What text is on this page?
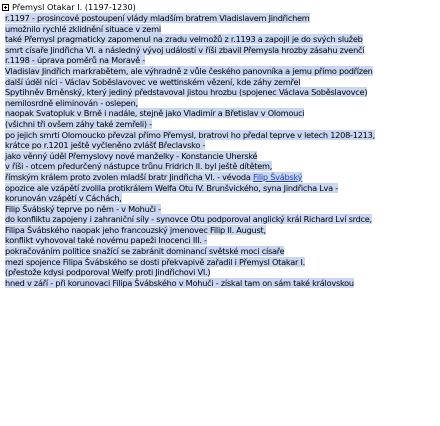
Přemysl Otakar I. (1197-1230)
r.1197 - prosincové postoupení vlády mladším bratrem Vladislavem Jindřichem
umožnilo rychlé zklidnění situace v zemi
také Přemysl pragmaticky zapomenul na zradu velmožů z r.1193 a zapojil je do svých služeb
smrt císaře Jindřicha VI. a následný vývoj událostí v říši zbavil Přemysla hrozby zásahu zvenčí
r.1198 - úprava poměrů na Moravě -
Vladislav Jindřich markrabětem, ale výhradně z vůle českého panovníka a jemu přímo podřízen
další úděl níci - Václav Soběslavovec ve wettinském vězení, kde záhy zemřel
Spytihněv Brněnský, který jediný představoval jistou hrozbu (spojenec Václava Soběslavovce)
nemilosrdně eliminován - oslepen,
naopak Svatopluk v Brně i nadále, stejně jako Vladimír a Břetislav v Olomouci
(všichni tři ovšem záhy také zemřeli) -
po jejich smrti Olomoucko převzal přímo Přemysl, bratrovi ho předal teprve v letech 1208-1213,
krátce po r.1201 ještě vyčleněno zvlášť Břeclavsko -
jako věnný úděl Přemyslovy nové manželky - Konstancie Uherské
v říši - otcem předurčený nástupce trůnu Fridrich II. byl ještě dítětem,
římským králem proto zvolen mladší bratr Jindřicha VI. - vévoda Filip Švábský
opozice ale vzápětí zvolila protikrálem Welfa Otu IV. Brunšvického, syna Jindřicha Lva -
korunován vzápětí v Cáchách,
Filip Švábský teprve po něm - v Mohuči -
do konfliktu zapojeny i zahraniční síly - synovce Otu podporoval anglický král Richard Lví srdce,
Filipa Švábského naopak jeho francouzský jmenovec Filip II. August,
konflikt vyhovoval také novému papeži Inocenci III. -
pokračováním politice snažící se zabránit dominancí světské moci císaře
mezi spojence Filipa Švábského se dosti překvapivě zařadil i Přemysl Otakar I.
(přestože kdysi podporoval Welfy proti Jindřichovi VI.)
hned v září - při korunovaci Filipa Švábského v Mohuči - získal tam on sám také královskou
